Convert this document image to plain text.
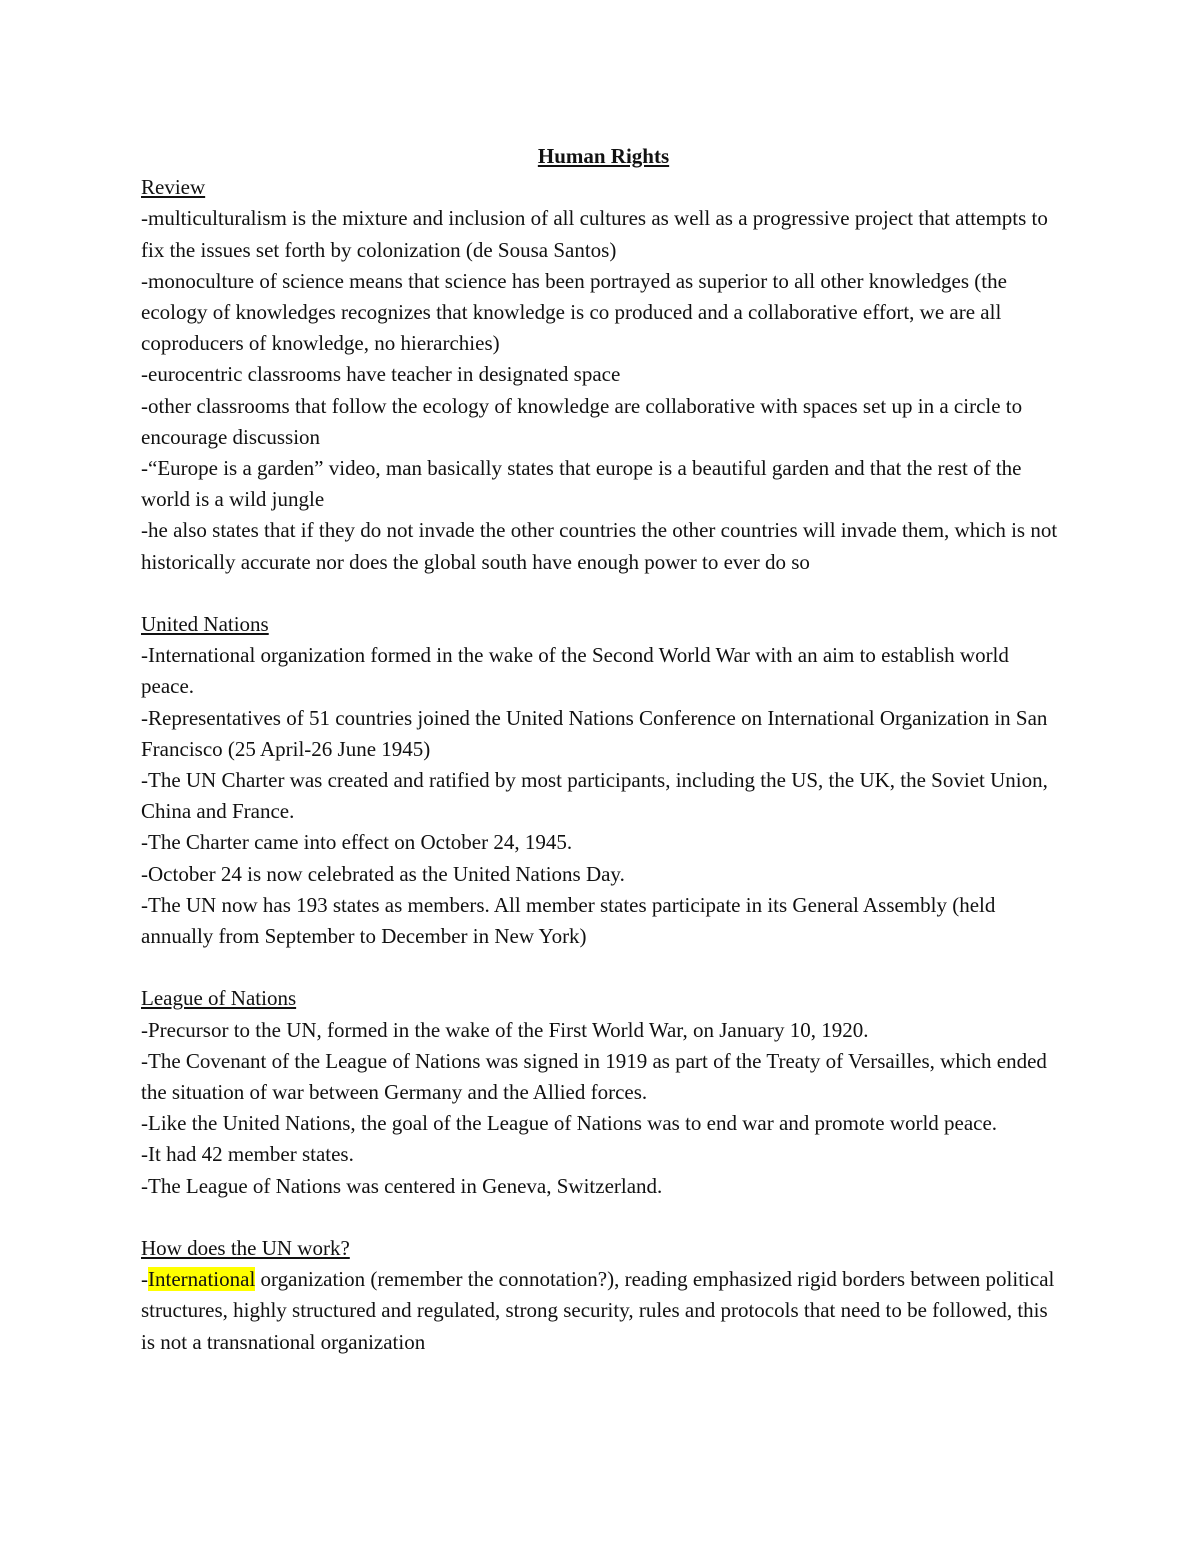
Human Rights

Review

-multiculturalism is the mixture and inclusion of all cultures as well as a progressive project that attempts to fix the issues set forth by colonization (de Sousa Santos)

-monoculture of science means that science has been portrayed as superior to all other knowledges (the ecology of knowledges recognizes that knowledge is co produced and a collaborative effort, we are all coproducers of knowledge, no hierarchies)

-eurocentric classrooms have teacher in designated space

-other classrooms that follow the ecology of knowledge are collaborative with spaces set up in a circle to encourage discussion

-“Europe is a garden” video, man basically states that europe is a beautiful garden and that the rest of the world is a wild jungle

-he also states that if they do not invade the other countries the other countries will invade them, which is not historically accurate nor does the global south have enough power to ever do so

United Nations

-International organization formed in the wake of the Second World War with an aim to establish world peace.

-Representatives of 51 countries joined the United Nations Conference on International Organization in San Francisco (25 April-26 June 1945)

-The UN Charter was created and ratified by most participants, including the US, the UK, the Soviet Union, China and France.

-The Charter came into effect on October 24, 1945.

-October 24 is now celebrated as the United Nations Day.

-The UN now has 193 states as members. All member states participate in its General Assembly (held annually from September to December in New York)

League of Nations

-Precursor to the UN, formed in the wake of the First World War, on January 10, 1920.

-The Covenant of the League of Nations was signed in 1919 as part of the Treaty of Versailles, which ended the situation of war between Germany and the Allied forces.

-Like the United Nations, the goal of the League of Nations was to end war and promote world peace.

-It had 42 member states.

-The League of Nations was centered in Geneva, Switzerland.

How does the UN work?

-International organization (remember the connotation?), reading emphasized rigid borders between political structures, highly structured and regulated, strong security, rules and protocols that need to be followed, this is not a transnational organization
